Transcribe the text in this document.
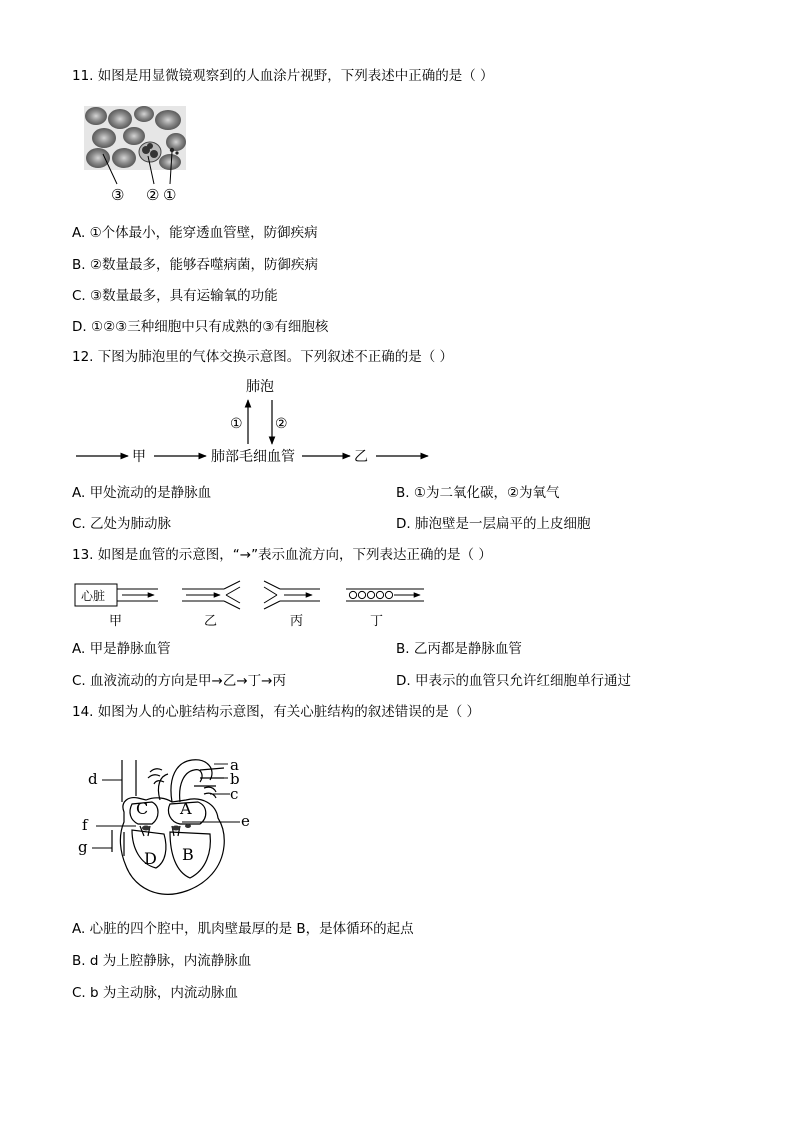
11. 如图是用显微镜观察到的人血涂片视野，下列表述中正确的是（ ）
③ ② ①
A. ①个体最小，能穿透血管壁，防御疾病
B. ②数量最多，能够吞噬病菌，防御疾病
C. ③数量最多，具有运输氧的功能
D. ①②③三种细胞中只有成熟的③有细胞核
12. 下图为肺泡里的气体交换示意图。下列叙述不正确的是（ ）
肺泡
① ②
甲	肺部毛细血管	乙
A. 甲处流动的是静脉血	B. ①为二氧化碳，②为氧气
C. 乙处为肺动脉	D. 肺泡壁是一层扁平的上皮细胞
13. 如图是血管的示意图，“→”表示血流方向，下列表达正确的是（ ）
心脏
甲	乙	丙	丁
A. 甲是静脉血管	B. 乙丙都是静脉血管
C. 血液流动的方向是甲→乙→丁→丙	D. 甲表示的血管只允许红细胞单行通过
14. 如图为人的心脏结构示意图，有关心脏结构的叙述错误的是（ ）
A
B
C
D
a
b
c
d
e
f
g
A. 心脏的四个腔中，肌肉壁最厚的是 B，是体循环的起点
B. d 为上腔静脉，内流静脉血
C. b 为主动脉，内流动脉血
